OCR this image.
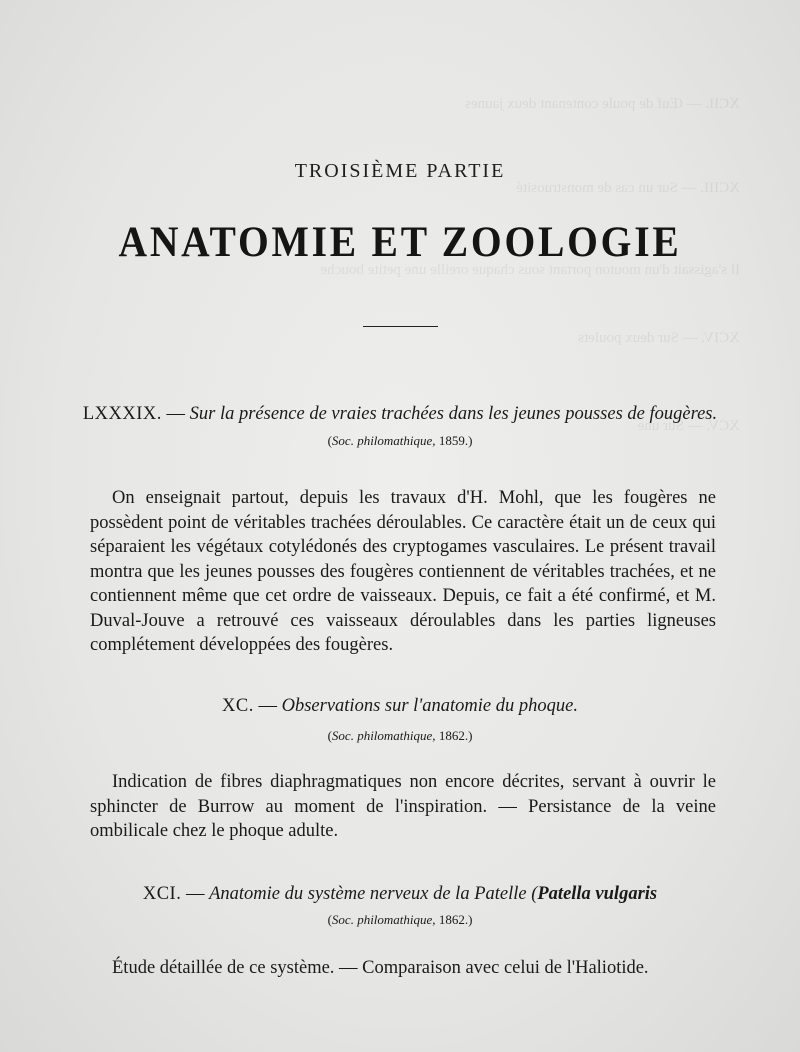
XCII. — Œuf de poule contenant deux jaunes
XCIII. — Sur un cas de monstruosité
Il s'agissait d'un mouton portant sous chaque oreille une petite bouche
XCIV. — Sur deux poulets
XCV. — Sur une
TROISIÈME PARTIE
ANATOMIE ET ZOOLOGIE
LXXXIX. — Sur la présence de vraies trachées dans les jeunes pousses de fougères.
(Soc. philomathique, 1859.)
On enseignait partout, depuis les travaux d'H. Mohl, que les fougères ne possèdent point de véritables trachées déroulables. Ce caractère était un de ceux qui séparaient les végétaux cotylédonés des cryptogames vasculaires. Le présent travail montra que les jeunes pousses des fougères contiennent de véritables trachées, et ne contiennent même que cet ordre de vaisseaux. Depuis, ce fait a été confirmé, et M. Duval-Jouve a retrouvé ces vaisseaux déroulables dans les parties ligneuses complétement développées des fougères.
XC. — Observations sur l'anatomie du phoque.
(Soc. philomathique, 1862.)
Indication de fibres diaphragmatiques non encore décrites, servant à ouvrir le sphincter de Burrow au moment de l'inspiration. — Persistance de la veine ombilicale chez le phoque adulte.
XCI. — Anatomie du système nerveux de la Patelle (Patella vulgaris
(Soc. philomathique, 1862.)
Étude détaillée de ce système. — Comparaison avec celui de l'Haliotide.
